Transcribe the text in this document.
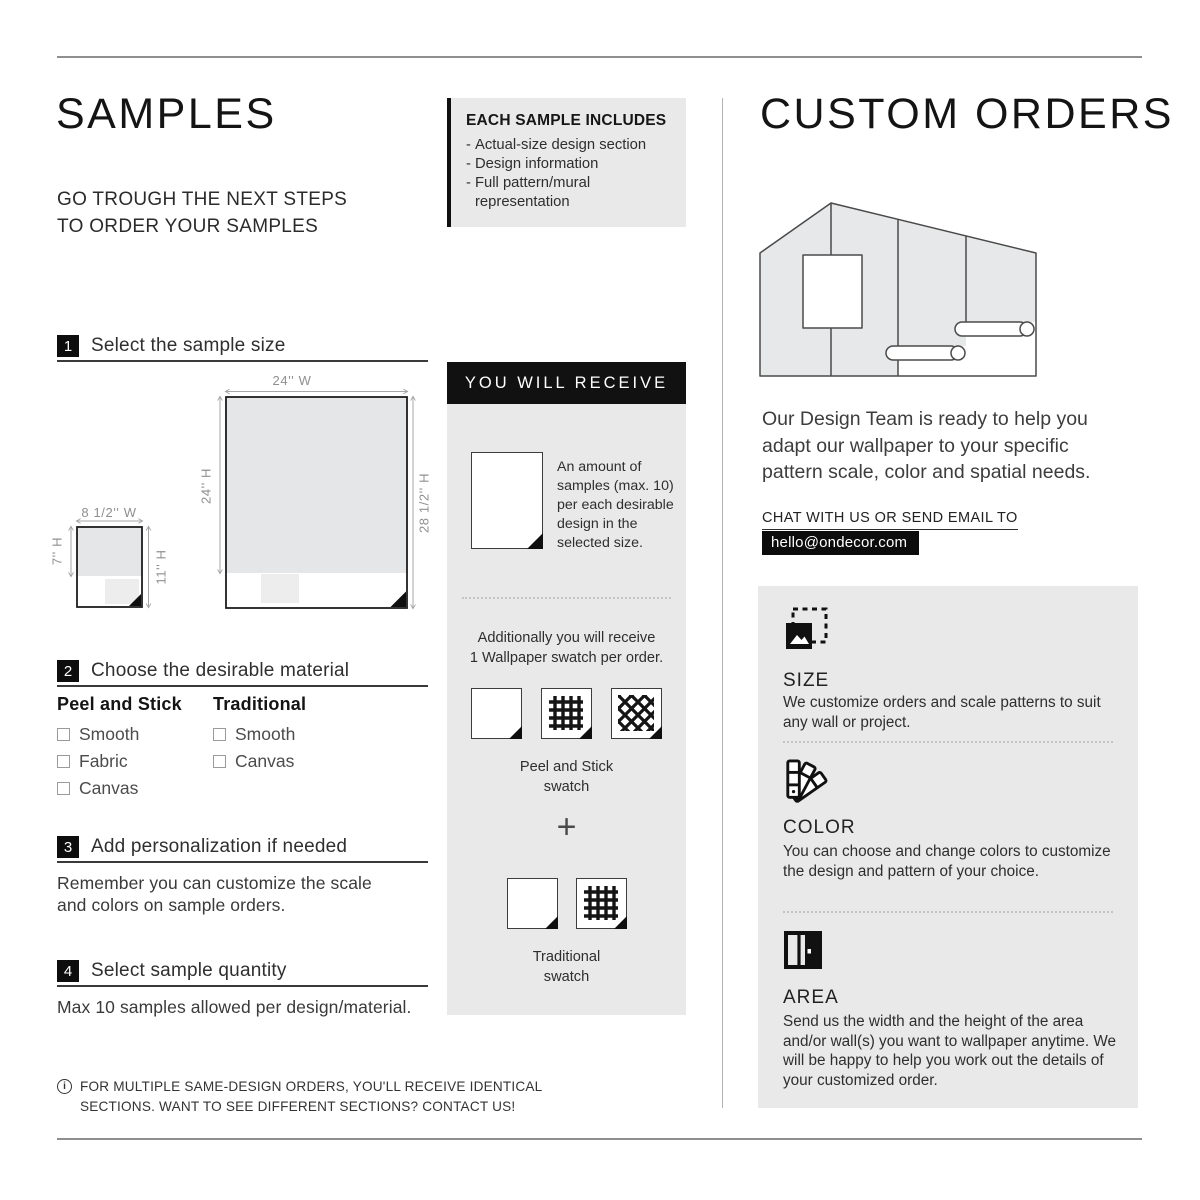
SAMPLES
GO TROUGH THE NEXT STEPS
TO ORDER YOUR SAMPLES
1 Select the sample size
8 1/2'' W
7'' H	11'' H
24'' W
24'' H	28 1/2'' H
2 Choose the desirable material
Peel and Stick
Smooth
Fabric
Canvas
Traditional
Smooth
Canvas
3 Add personalization if needed
Remember you can customize the scale
and colors on sample orders.
4 Select sample quantity
Max 10 samples allowed per design/material.
i	FOR MULTIPLE SAME-DESIGN ORDERS, YOU'LL RECEIVE IDENTICAL
SECTIONS. WANT TO SEE DIFFERENT SECTIONS? CONTACT US!
EACH SAMPLE INCLUDES
- Actual-size design section
- Design information
- Full pattern/mural representation
YOU WILL RECEIVE
An amount of samples (max. 10) per each desirable design in the selected size.
Additionally you will receive
1 Wallpaper swatch per order.
Peel and Stick
swatch
+
Traditional
swatch
CUSTOM ORDERS
Our Design Team is ready to help you
adapt our wallpaper to your specific
pattern scale, color and spatial needs.
CHAT WITH US OR SEND EMAIL TO
hello@ondecor.com
SIZE
We customize orders and scale patterns to suit any wall or project.
COLOR
You can choose and change colors to customize the design and pattern of your choice.
AREA
Send us the width and the height of the area and/or wall(s) you want to wallpaper anytime. We will be happy to help you work out the details of your customized order.
